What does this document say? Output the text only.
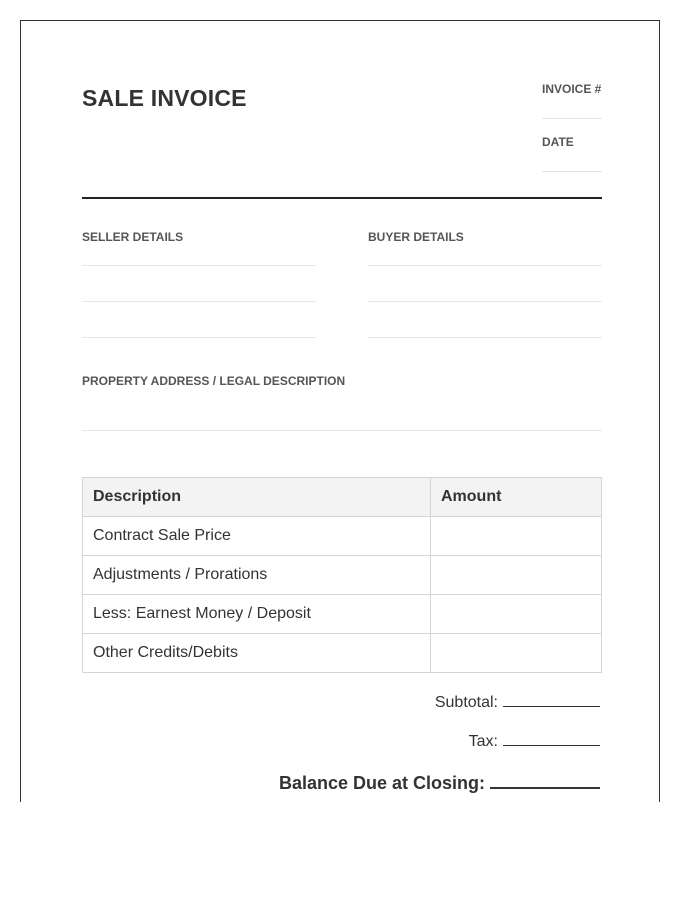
SALE INVOICE	INVOICE #
DATE
SELLER DETAILS	BUYER DETAILS
PROPERTY ADDRESS / LEGAL DESCRIPTION
Description	Amount
Contract Sale Price	
Adjustments / Prorations	
Less: Earnest Money / Deposit	
Other Credits/Debits	
Subtotal:
Tax:
Balance Due at Closing:
